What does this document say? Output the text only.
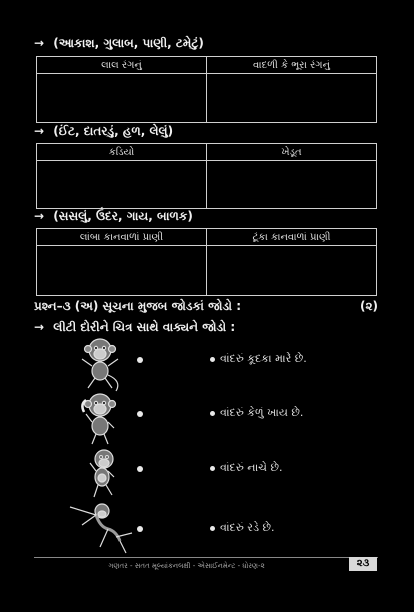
→ (આકાશ, ગુલાબ, પાણી, ટમેટું)
લાલ રંગનું	વાદળી કે ભૂરા રંગનું

→ (ઈંટ, દાતરડું, હળ, લેલું)
કડિયો	ખેડૂત

→ (સસલું, ઉંદર, ગાય, બાળક)
લાંબા કાનવાળાં પ્રાણી	ટૂંકા કાનવાળાં પ્રાણી

પ્રશ્ન–૩ (અ) સૂચના મુજબ જોડકાં જોડો :	(૨)
→ લીટી દોરીને ચિત્ર સાથે વાક્યને જોડો :
વાંદરું કૂદકા મારે છે.
વાંદરું કેળું ખાય છે.
વાંદરું નાચે છે.
વાંદરું રડે છે.
ગણતર - સતત મૂલ્યાંકનલક્ષી - એસાઈનમેન્ટ - ધોરણ-૨	૨૩
